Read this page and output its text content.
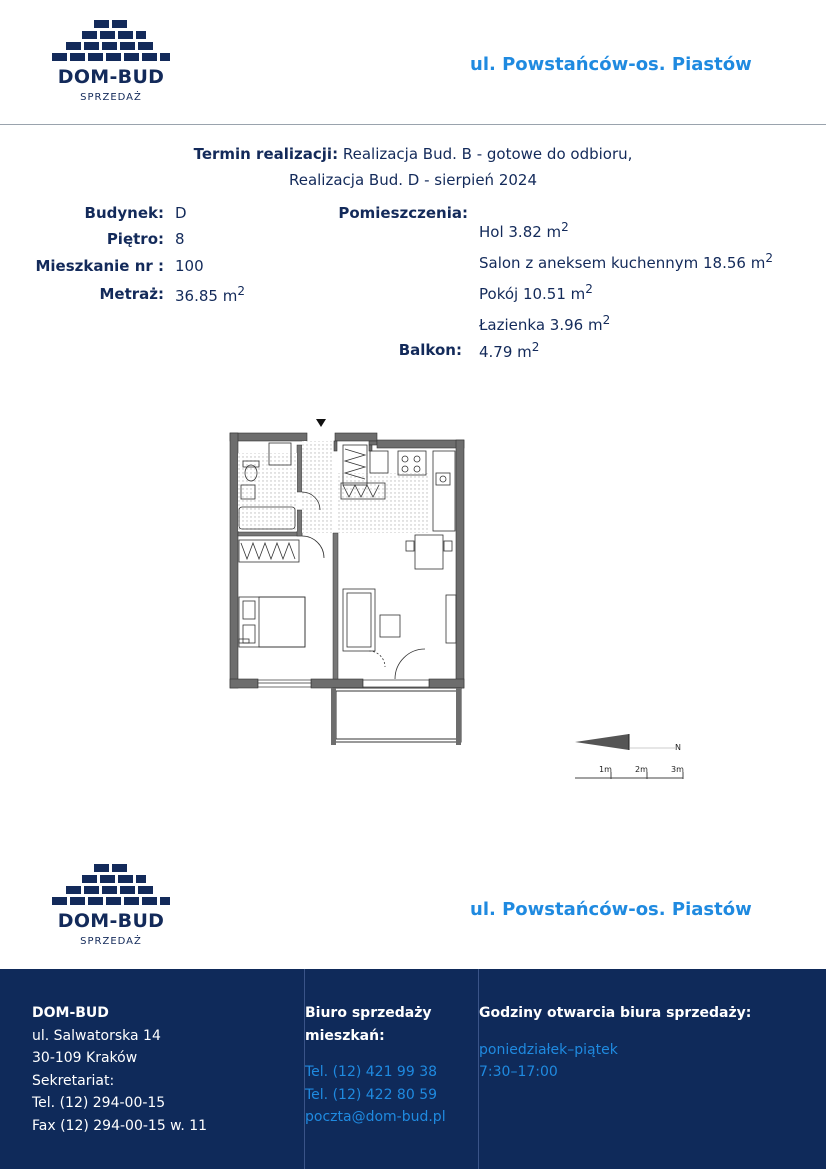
DOM-BUD
SPRZEDAŻ
ul. Powstańców-os. Piastów
Termin realizacji: Realizacja Bud. B - gotowe do odbioru,
Realizacja Bud. D - sierpień 2024
Budynek: D
Piętro: 8
Mieszkanie nr : 100
Metraż: 36.85 $m^2$
Pomieszczenia:
Hol 3.82 $m^2$
Salon z aneksem kuchennym 18.56 $m^2$
Pokój 10.51 $m^2$
Łazienka 3.96 $m^2$
Balkon: 4.79 $m^2$
N
1m	2m	3m
DOM-BUD
SPRZEDAŻ
ul. Powstańców-os. Piastów
DOM-BUD
ul. Salwatorska 14
30-109 Kraków
Sekretariat:
Tel. (12) 294-00-15
Fax (12) 294-00-15 w. 11
Biuro sprzedaży
mieszkań:
Tel. (12) 421 99 38
Tel. (12) 422 80 59
poczta@dom-bud.pl
Godziny otwarcia biura sprzedaży:
poniedziałek–piątek
7:30–17:00
